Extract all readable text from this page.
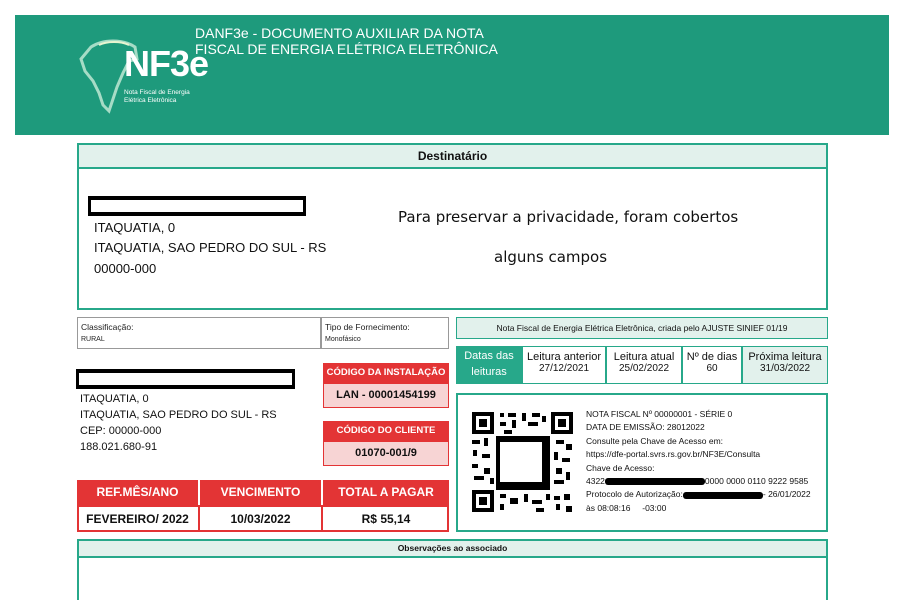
NF3e
Nota Fiscal de Energia Elétrica Eletrônica
DANF3e - DOCUMENTO AUXILIAR DA NOTA
FISCAL DE ENERGIA ELÉTRICA ELETRÔNICA
Destinatário
ITAQUATIA, 0
ITAQUATIA, SAO PEDRO DO SUL - RS
00000-000
Para preservar a privacidade, foram cobertos
alguns campos
Classificação:
RURAL
Tipo de Fornecimento:
Monofásico
ITAQUATIA, 0
ITAQUATIA, SAO PEDRO DO SUL - RS
CEP: 00000-000
188.021.680-91
CÓDIGO DA INSTALAÇÃO
LAN - 00001454199
CÓDIGO DO CLIENTE
01070-001/9
REF.MÊS/ANO	VENCIMENTO	TOTAL A PAGAR
FEVEREIRO/ 2022	10/03/2022	R$ 55,14
Nota Fiscal de Energia Elétrica Eletrônica, criada pelo AJUSTE SINIEF 01/19
Datas das leituras
Leitura anterior
27/12/2021
Leitura atual
25/02/2022
Nº de dias
60
Próxima leitura
31/03/2022
NOTA FISCAL Nº 00000001 - SÉRIE 0
DATA DE EMISSÃO: 28012022
Consulte pela Chave de Acesso em:
https://dfe-portal.svrs.rs.gov.br/NF3E/Consulta
Chave de Acesso:
4322	0000 0000 0110 9222 9585
Protocolo de Autorização:	- 26/01/2022
às 08:08:16     -03:00
Observações ao associado
